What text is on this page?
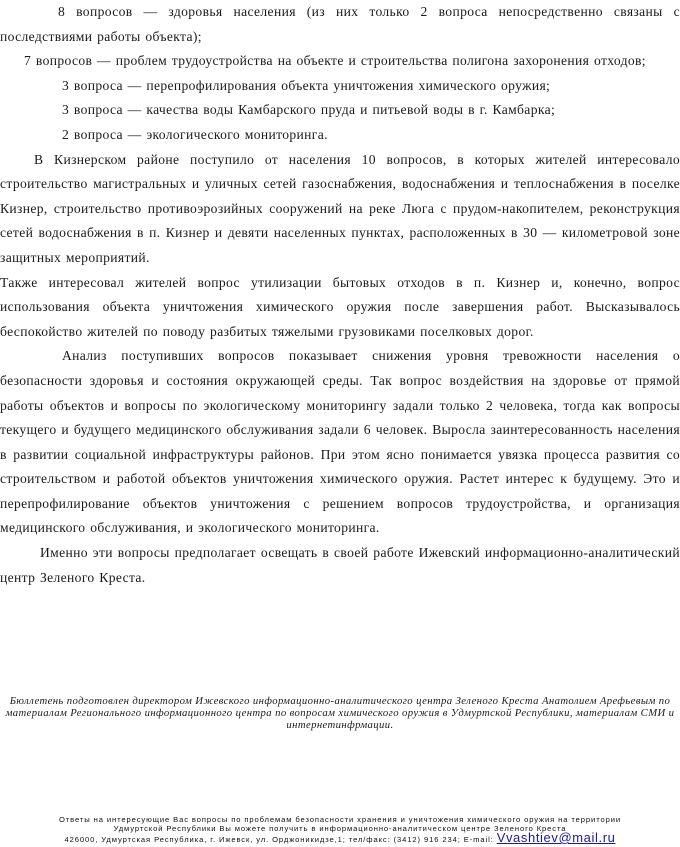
8 вопросов — здоровья населения (из них только 2 вопроса непосредственно связаны с последствиями работы объекта);

7 вопросов — проблем трудоустройства на объекте и строительства полигона захоронения отходов;

3 вопроса — перепрофилирования объекта уничтожения химического оружия;

3 вопроса — качества воды Камбарского пруда и питьевой воды в г. Камбарка;

2 вопроса — экологического мониторинга.

В Кизнерском районе поступило от населения 10 вопросов, в которых жителей интересовало строительство магистральных и уличных сетей газоснабжения, водоснабжения и теплоснабжения в поселке Кизнер, строительство противоэрозийных сооружений на реке Люга с прудом-накопителем, реконструкция сетей водоснабжения в п. Кизнер и девяти населенных пунктах, расположенных в 30 — километровой зоне защитных мероприятий.

Также интересовал жителей вопрос утилизации бытовых отходов в п. Кизнер и, конечно, вопрос использования объекта уничтожения химического оружия после завершения работ. Высказывалось беспокойство жителей по поводу разбитых тяжелыми грузовиками поселковых дорог.

Анализ поступивших вопросов показывает снижения уровня тревожности населения о безопасности здоровья и состояния окружающей среды. Так вопрос воздействия на здоровье от прямой работы объектов и вопросы по экологическому мониторингу задали только 2 человека, тогда как вопросы текущего и будущего медицинского обслуживания задали 6 человек. Выросла заинтересованность населения в развитии социальной инфраструктуры районов. При этом ясно понимается увязка процесса развития со строительством и работой объектов уничтожения химического оружия. Растет интерес к будущему. Это и перепрофилирование объектов уничтожения с решением вопросов трудоустройства, и организация медицинского обслуживания, и экологического мониторинга.

Именно эти вопросы предполагает освещать в своей работе Ижевский информационно-аналитический центр Зеленого Креста.

Бюллетень подготовлен директором Ижевского информационно-аналитического центра Зеленого Креста Анатолием Арефьевым по материалам Регионального информационного центра по вопросам химического оружия в Удмуртской Республики, материалам СМИ и интернетинфрмации.
Ответы на интересующие Вас вопросы по проблемам безопасности хранения и уничтожения химического оружия на территории
Удмуртской Республики Вы можете получить в информационно-аналитическом центре Зеленого Креста
426000, Удмуртская Республика, г. Ижевск, ул. Орджоникидзе,1; тел/факс: (3412) 916 234; E-mail: Vvashtiev@mail.ru
